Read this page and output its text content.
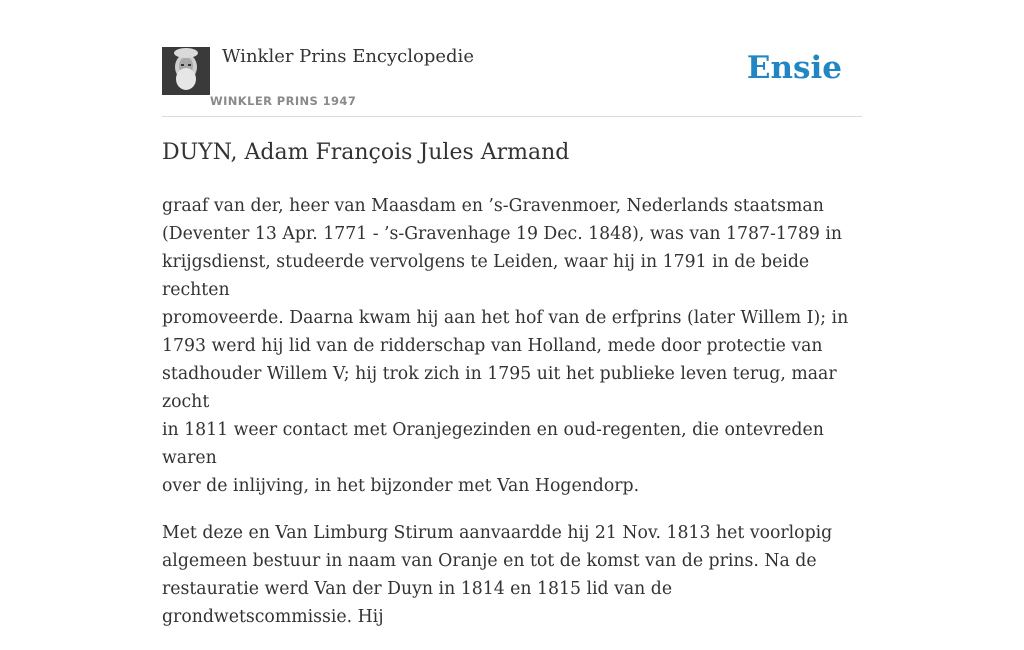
Winkler Prins Encyclopedie
WINKLER PRINS 1947
Ensie
DUYN, Adam François Jules Armand

graaf van der, heer van Maasdam en ’s-Gravenmoer, Nederlands staatsman
(Deventer 13 Apr. 1771 - ’s-Gravenhage 19 Dec. 1848), was van 1787-1789 in
krijgsdienst, studeerde vervolgens te Leiden, waar hij in 1791 in de beide rechten
promoveerde. Daarna kwam hij aan het hof van de erfprins (later Willem I); in
1793 werd hij lid van de ridderschap van Holland, mede door protectie van
stadhouder Willem V; hij trok zich in 1795 uit het publieke leven terug, maar zocht
in 1811 weer contact met Oranjegezinden en oud-regenten, die ontevreden waren
over de inlijving, in het bijzonder met Van Hogendorp.

Met deze en Van Limburg Stirum aanvaardde hij 21 Nov. 1813 het voorlopig
algemeen bestuur in naam van Oranje en tot de komst van de prins. Na de
restauratie werd Van der Duyn in 1814 en 1815 lid van de grondwetscommissie. Hij
